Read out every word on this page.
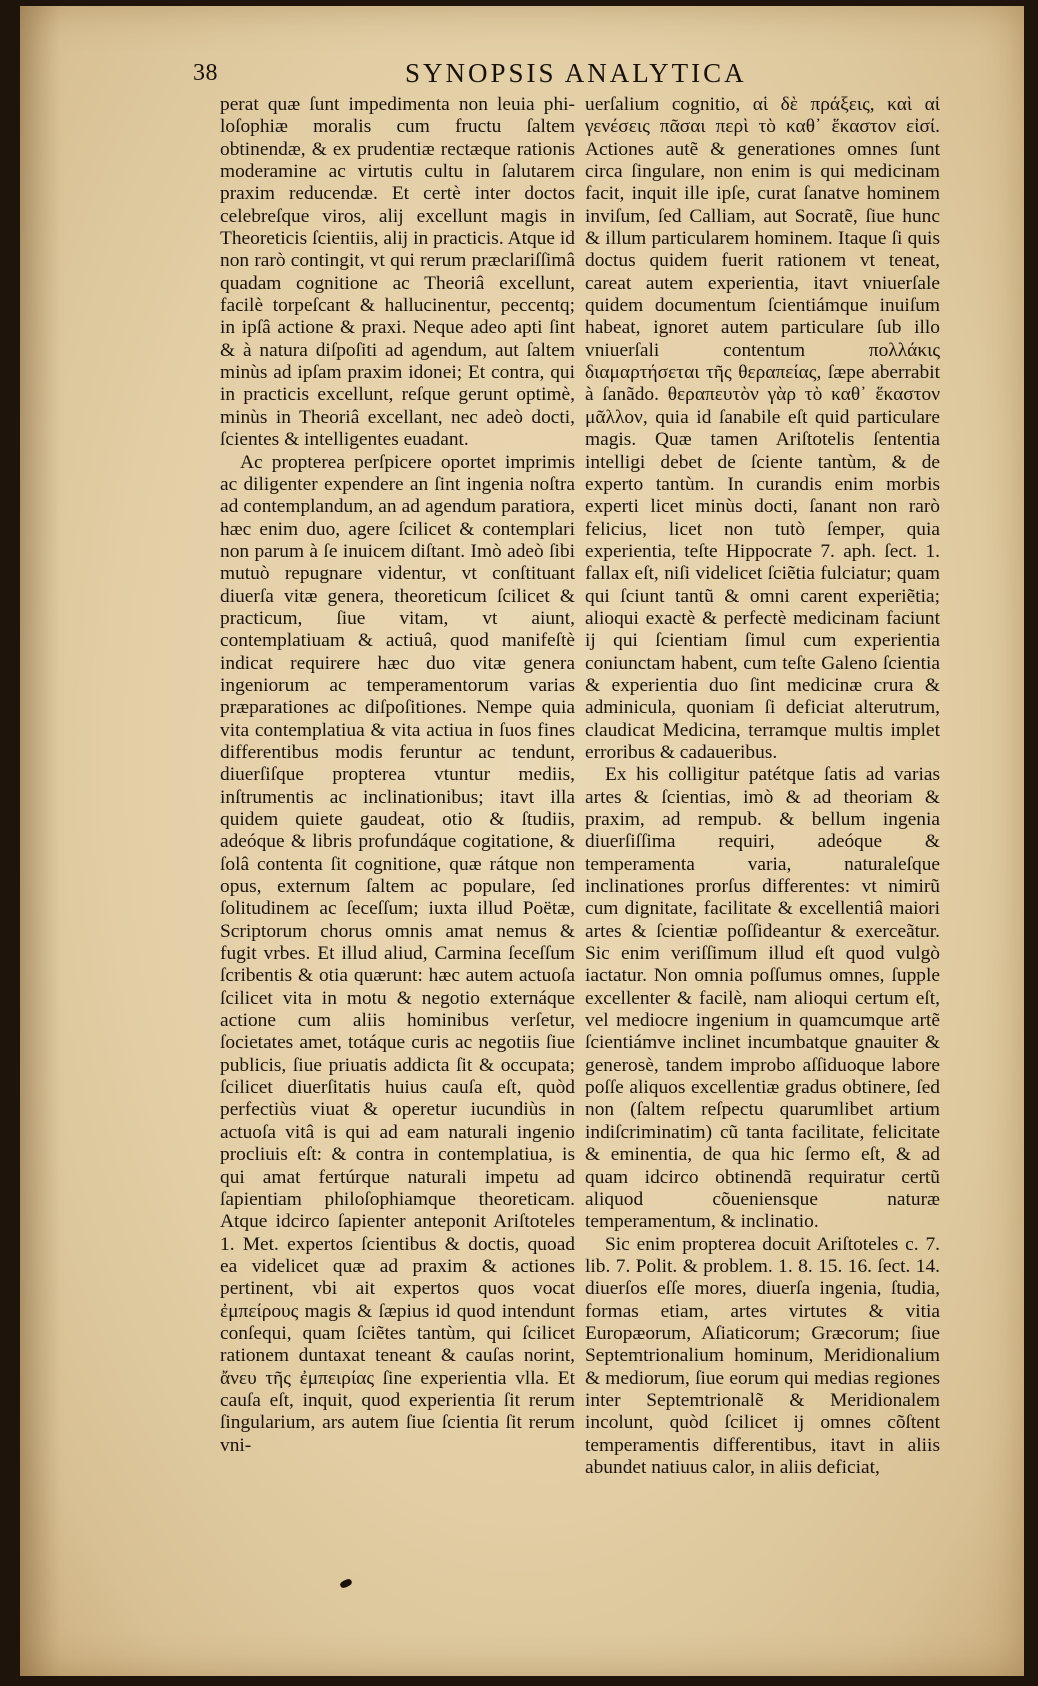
38	SYNOPSIS ANALYTICA

perat quæ ſunt impedimenta non leuia phi-loſophiæ moralis cum fructu ſaltem obtinendæ, & ex prudentiæ rectæque rationis moderamine ac virtutis cultu in ſalutarem praxim reducendæ. Et certè inter doctos celebreſque viros, alij excellunt magis in Theoreticis ſcientiis, alij in practicis. Atque id non rarò contingit, vt qui rerum præclariſſimâ quadam cognitione ac Theoriâ excellunt, facilè torpeſcant & hallucinentur, peccentq; in ipſâ actione & praxi. Neque adeo apti ſint & à natura diſpoſiti ad agendum, aut ſaltem minùs ad ipſam praxim idonei; Et contra, qui in practicis excellunt, reſque gerunt optimè, minùs in Theoriâ excellant, nec adeò docti, ſcientes & intelligentes euadant.

Ac propterea perſpicere oportet imprimis ac diligenter expendere an ſint ingenia noſtra ad contemplandum, an ad agendum paratiora, hæc enim duo, agere ſcilicet & contemplari non parum à ſe inuicem diſtant. Imò adeò ſibi mutuò repugnare videntur, vt conſtituant diuerſa vitæ genera, theoreticum ſcilicet & practicum, ſiue vitam, vt aiunt, contemplatiuam & actiuâ, quod manifeſtè indicat requirere hæc duo vitæ genera ingeniorum ac temperamentorum varias præparationes ac diſpoſitiones. Nempe quia vita contemplatiua & vita actiua in ſuos fines differentibus modis feruntur ac tendunt, diuerſiſque propterea vtuntur mediis, inſtrumentis ac inclinationibus; itavt illa quidem quiete gaudeat, otio & ſtudiis, adeóque & libris profundáque cogitatione, & ſolâ contenta ſit cognitione, quæ rátque non opus, externum ſaltem ac populare, ſed ſolitudinem ac ſeceſſum; iuxta illud Poëtæ, Scriptorum chorus omnis amat nemus & fugit vrbes. Et illud aliud, Carmina ſeceſſum ſcribentis & otia quærunt: hæc autem actuoſa ſcilicet vita in motu & negotio externáque actione cum aliis hominibus verſetur, ſocietates amet, totáque curis ac negotiis ſiue publicis, ſiue priuatis addicta ſit & occupata; ſcilicet diuerſitatis huius cauſa eſt, quòd perfectiùs viuat & operetur iucundiùs in actuoſa vitâ is qui ad eam naturali ingenio procliuis eſt: & contra in contemplatiua, is qui amat fertúrque naturali impetu ad ſapientiam philoſophiamque theoreticam. Atque idcirco ſapienter anteponit Ariſtoteles 1. Met. expertos ſcientibus & doctis, quoad ea videlicet quæ ad praxim & actiones pertinent, vbi ait expertos quos vocat ἐμπείρους magis & ſæpius id quod intendunt conſequi, quam ſciẽtes tantùm, qui ſcilicet rationem duntaxat teneant & cauſas norint, ἄνευ τῆς ἐμπειρίας ſine experientia vlla. Et cauſa eſt, inquit, quod experientia ſit rerum ſingularium, ars autem ſiue ſcientia ſit rerum vni-

uerſalium cognitio, αἱ δὲ πράξεις, καὶ αἱ γενέσεις πᾶσαι περὶ τὸ καθ᾽ ἕκαστον εἰσί. Actiones autẽ & generationes omnes ſunt circa ſingulare, non enim is qui medicinam facit, inquit ille ipſe, curat ſanatve hominem inviſum, ſed Calliam, aut Socratẽ, ſiue hunc & illum particularem hominem. Itaque ſi quis doctus quidem fuerit rationem vt teneat, careat autem experientia, itavt vniuerſale quidem documentum ſcientiámque inuiſum habeat, ignoret autem particulare ſub illo vniuerſali contentum πολλάκις διαμαρτήσεται τῆς θεραπείας, ſæpe aberrabit à ſanãdo. θεραπευτὸν γὰρ τὸ καθ᾽ ἕκαστον μᾶλλον, quia id ſanabile eſt quid particulare magis. Quæ tamen Ariſtotelis ſententia intelligi debet de ſciente tantùm, & de experto tantùm. In curandis enim morbis experti licet minùs docti, ſanant non rarò felicius, licet non tutò ſemper, quia experientia, teſte Hippocrate 7. aph. ſect. 1. fallax eſt, niſi videlicet ſciẽtia fulciatur; quam qui ſciunt tantũ & omni carent experiẽtia; alioqui exactè & perfectè medicinam faciunt ij qui ſcientiam ſimul cum experientia coniunctam habent, cum teſte Galeno ſcientia & experientia duo ſint medicinæ crura & adminicula, quoniam ſi deficiat alterutrum, claudicat Medicina, terramque multis implet erroribus & cadaueribus.

Ex his colligitur patétque ſatis ad varias artes & ſcientias, imò & ad theoriam & praxim, ad rempub. & bellum ingenia diuerſiſſima requiri, adeóque & temperamenta varia, naturaleſque inclinationes prorſus differentes: vt nimirũ cum dignitate, facilitate & excellentiâ maiori artes & ſcientiæ poſſideantur & exerceãtur. Sic enim veriſſimum illud eſt quod vulgò iactatur. Non omnia poſſumus omnes, ſupple excellenter & facilè, nam alioqui certum eſt, vel mediocre ingenium in quamcumque artẽ ſcientiámve inclinet incumbatque gnauiter & generosè, tandem improbo aſſiduoque labore poſſe aliquos excellentiæ gradus obtinere, ſed non (ſaltem reſpectu quarumlibet artium indiſcriminatim) cũ tanta facilitate, felicitate & eminentia, de qua hic ſermo eſt, & ad quam idcirco obtinendã requiratur certũ aliquod cõueniensque naturæ temperamentum, & inclinatio.

Sic enim propterea docuit Ariſtoteles c. 7. lib. 7. Polit. & problem. 1. 8. 15. 16. ſect. 14. diuerſos eſſe mores, diuerſa ingenia, ſtudia, formas etiam, artes virtutes & vitia Europæorum, Aſiaticorum; Græcorum; ſiue Septemtrionalium hominum, Meridionalium & mediorum, ſiue eorum qui medias regiones inter Septemtrionalẽ & Meridionalem incolunt, quòd ſcilicet ij omnes cõſtent temperamentis differentibus, itavt in aliis abundet natiuus calor, in aliis deficiat,
